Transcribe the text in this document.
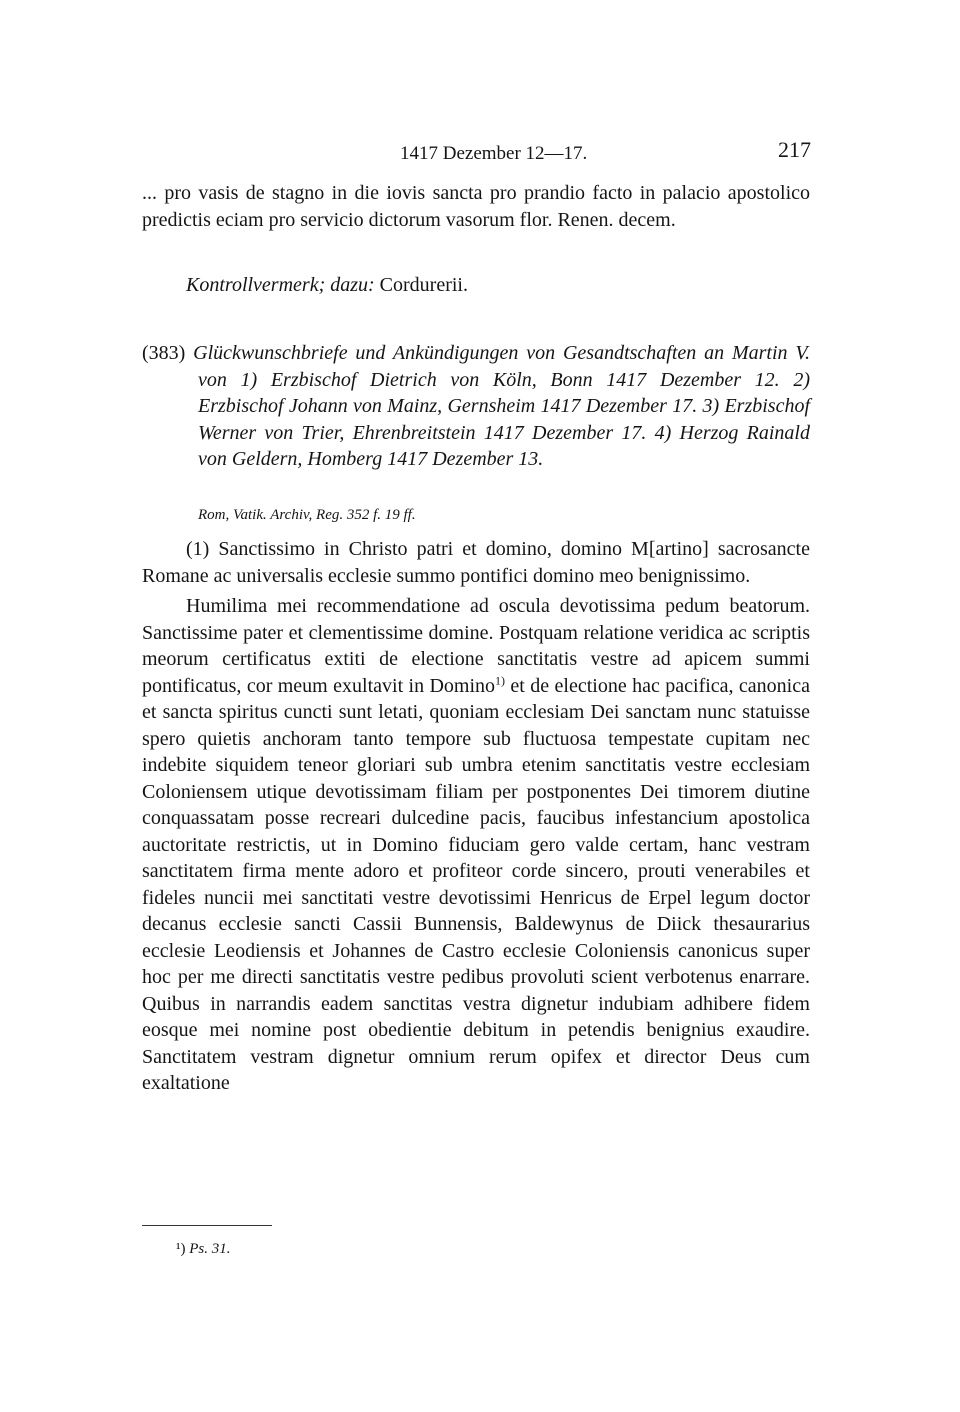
1417 Dezember 12—17.	217

... pro vasis de stagno in die iovis sancta pro prandio facto in palacio apostolico predictis eciam pro servicio dictorum vasorum flor. Renen. decem.

Kontrollvermerk; dazu: Cordurerii.

(383) Glückwunschbriefe und Ankündigungen von Gesandtschaften an Martin V. von 1) Erzbischof Dietrich von Köln, Bonn 1417 Dezember 12. 2) Erzbischof Johann von Mainz, Gernsheim 1417 Dezember 17. 3) Erzbischof Werner von Trier, Ehrenbreitstein 1417 Dezember 17. 4) Herzog Rainald von Geldern, Homberg 1417 Dezember 13.

Rom, Vatik. Archiv, Reg. 352 f. 19 ff.

(1) Sanctissimo in Christo patri et domino, domino M[artino] sacrosancte Romane ac universalis ecclesie summo pontifici domino meo benignissimo.

Humilima mei recommendatione ad oscula devotissima pedum beatorum. Sanctissime pater et clementissime domine. Postquam relatione veridica ac scriptis meorum certificatus extiti de electione sanctitatis vestre ad apicem summi pontificatus, cor meum exultavit in Domino$^{1)}$ et de electione hac pacifica, canonica et sancta spiritus cuncti sunt letati, quoniam ecclesiam Dei sanctam nunc statuisse spero quietis anchoram tanto tempore sub fluctuosa tempestate cupitam nec indebite siquidem teneor gloriari sub umbra etenim sanctitatis vestre ecclesiam Coloniensem utique devotissimam filiam per postponentes Dei timorem diutine conquassatam posse recreari dulcedine pacis, faucibus infestancium apostolica auctoritate restrictis, ut in Domino fiduciam gero valde certam, hanc vestram sanctitatem firma mente adoro et profiteor corde sincero, prouti venerabiles et fideles nuncii mei sanctitati vestre devotissimi Henricus de Erpel legum doctor decanus ecclesie sancti Cassii Bunnensis, Baldewynus de Diick thesaurarius ecclesie Leodiensis et Johannes de Castro ecclesie Coloniensis canonicus super hoc per me directi sanctitatis vestre pedibus provoluti scient verbotenus enarrare. Quibus in narrandis eadem sanctitas vestra dignetur indubiam adhibere fidem eosque mei nomine post obedientie debitum in petendis benignius exaudire. Sanctitatem vestram dignetur omnium rerum opifex et director Deus cum exaltatione

¹) Ps. 31.
